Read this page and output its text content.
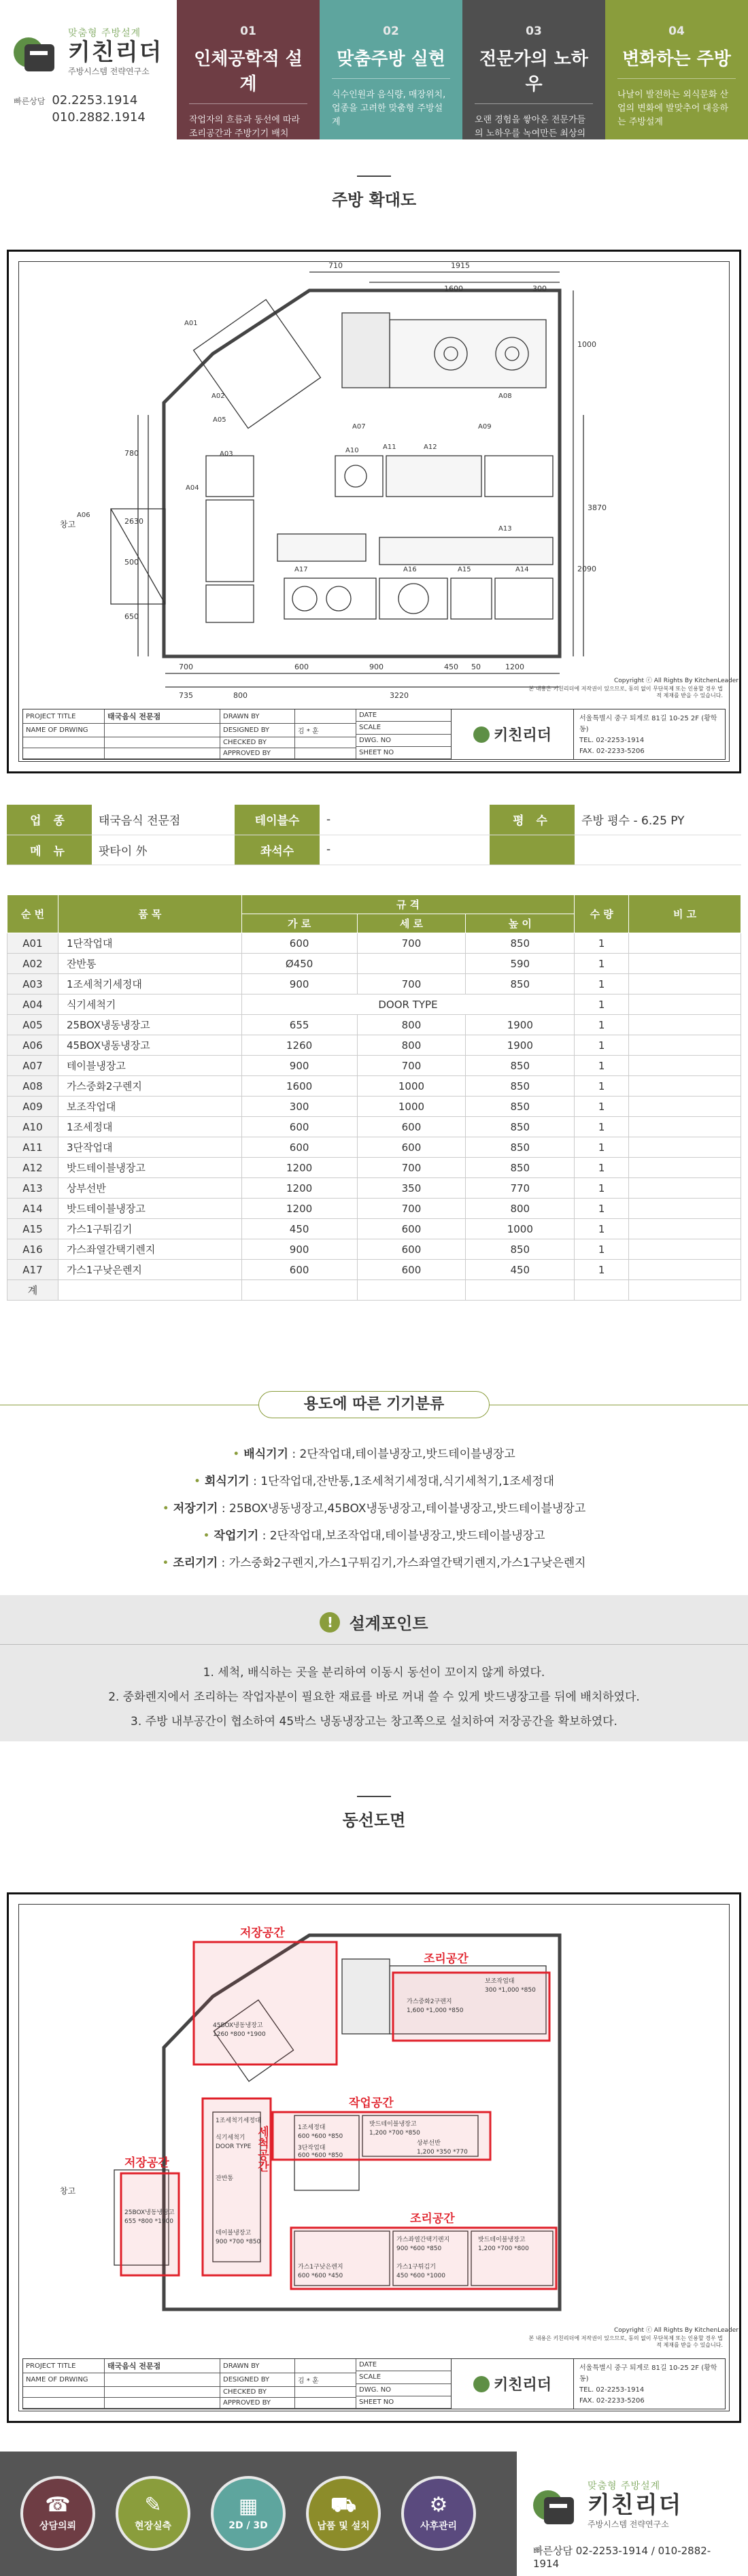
맞춤형 주방설계
키친리더
주방시스템 전략연구소
빠른상담 02.2253.1914
010.2882.1914
01
인체공학적 설계
작업자의 흐름과 동선에 따라 조리공간과 주방기기 배치
02
맞춤주방 실현
식수인원과 음식량, 매장위치, 업종을 고려한 맞춤형 주방설계
03
전문가의 노하우
오랜 경험을 쌓아온 전문가들의 노하우를 녹여만든 최상의 솔루션
04
변화하는 주방
나날이 발전하는 외식문화 산업의 변화에 발맞추어 대응하는 주방설계
주방 확대도
710	1915
1600	300
700	600	900	450 50	1200
735	800	3220
780
2630
500
650
1000
3870
2090
창고
A01
A02
A03
A04
A05
A06
A07
A08
A09
A10	A11	A12
A13
A14
A15
A16
A17
Copyright ⓒ All Rights By KitchenLeader
본 내용은 키친리더에 저작권이 있으므로, 동의 없이 무단복제 또는 인용할 경우 법적 제재를 받을 수 있습니다.
PROJECT TITLE	태국음식 전문점	DRAWN BY
NAME OF DRWING	DESIGNED BY	김 * 훈
CHECKED BY
APPROVED BY
DATE
SCALE
DWG. NO
SHEET NO
키친리더
서울특별시 중구 퇴계로 81길 10-25 2F (황학동)
TEL. 02-2253-1914
FAX. 02-2233-5206
업 종	태국음식 전문점	테이블수	-	평 수	주방 평수 - 6.25 PY
메 뉴	팟타이 外	좌석수	-		
순 번	품 목	규 격			수 량	비 고
		가 로	세 로	높 이		
A01	1단작업대	600	700	850	1	
A02	잔반통	Ø450		590	1	
A03	1조세척기세정대	900	700	850	1	
A04	식기세척기	DOOR TYPE			1	
A05	25BOX냉동냉장고	655	800	1900	1	
A06	45BOX냉동냉장고	1260	800	1900	1	
A07	테이블냉장고	900	700	850	1	
A08	가스중화2구렌지	1600	1000	850	1	
A09	보조작업대	300	1000	850	1	
A10	1조세정대	600	600	850	1	
A11	3단작업대	600	600	850	1	
A12	밧드테이블냉장고	1200	700	850	1	
A13	상부선반	1200	350	770	1	
A14	밧드테이블냉장고	1200	700	800	1	
A15	가스1구튀김기	450	600	1000	1	
A16	가스좌열간택기렌지	900	600	850	1	
A17	가스1구낮은렌지	600	600	450	1	
계						
용도에 따른 기기분류
• 배식기기 : 2단작업대,테이블냉장고,밧드테이블냉장고
• 회식기기 : 1단작업대,잔반통,1조세척기세정대,식기세척기,1조세정대
• 저장기기 : 25BOX냉동냉장고,45BOX냉동냉장고,테이블냉장고,밧드테이블냉장고
• 작업기기 : 2단작업대,보조작업대,테이블냉장고,밧드테이블냉장고
• 조리기기 : 가스중화2구렌지,가스1구튀김기,가스좌열간택기렌지,가스1구낮은렌지
! 설계포인트
1. 세척, 배식하는 곳을 분리하여 이동시 동선이 꼬이지 않게 하였다.
2. 중화렌지에서 조리하는 작업자분이 필요한 재료를 바로 꺼내 쓸 수 있게 밧드냉장고를 뒤에 배치하였다.
3. 주방 내부공간이 협소하여 45박스 냉동냉장고는 창고쪽으로 설치하여 저장공간을 확보하였다.
동선도면
저장공간
조리공간
작업공간
저장공간
조리공간
세척공간
45BOX냉동냉장고
1260 *800 *1900
가스중화2구렌지
1,600 *1,000 *850
보조작업대
300 *1,000 *850
1조세정대
600 *600 *850
밧드테이블냉장고
1,200 *700 *850
3단작업대
600 *600 *850
상부선반
1,200 *350 *770
가스1구낮은렌지
600 *600 *450
가스좌열간택기렌지
900 *600 *850
가스1구튀김기
450 *600 *1000
밧드테이블냉장고
1,200 *700 *800
1조세척기세정대
식기세척기
DOOR TYPE
잔반통
테이블냉장고
900 *700 *850
25BOX냉동냉장고
655 *800 *1900
창고
Copyright ⓒ All Rights By KitchenLeader
본 내용은 키친리더에 저작권이 있으므로, 동의 없이 무단복제 또는 인용할 경우 법적 제재를 받을 수 있습니다.
PROJECT TITLE	태국음식 전문점	DRAWN BY
NAME OF DRWING	DESIGNED BY	김 * 훈
CHECKED BY
APPROVED BY
DATE
SCALE
DWG. NO
SHEET NO
키친리더
서울특별시 중구 퇴계로 81길 10-25 2F (황학동)
TEL. 02-2253-1914
FAX. 02-2233-5206
☎
상담의뢰
✎
현장실측
▦
2D / 3D
⛟
납품 및 설치
⚙
사후관리
맞춤형 주방설계
키친리더
주방시스템 전략연구소
빠른상담 02-2253-1914 / 010-2882-1914
